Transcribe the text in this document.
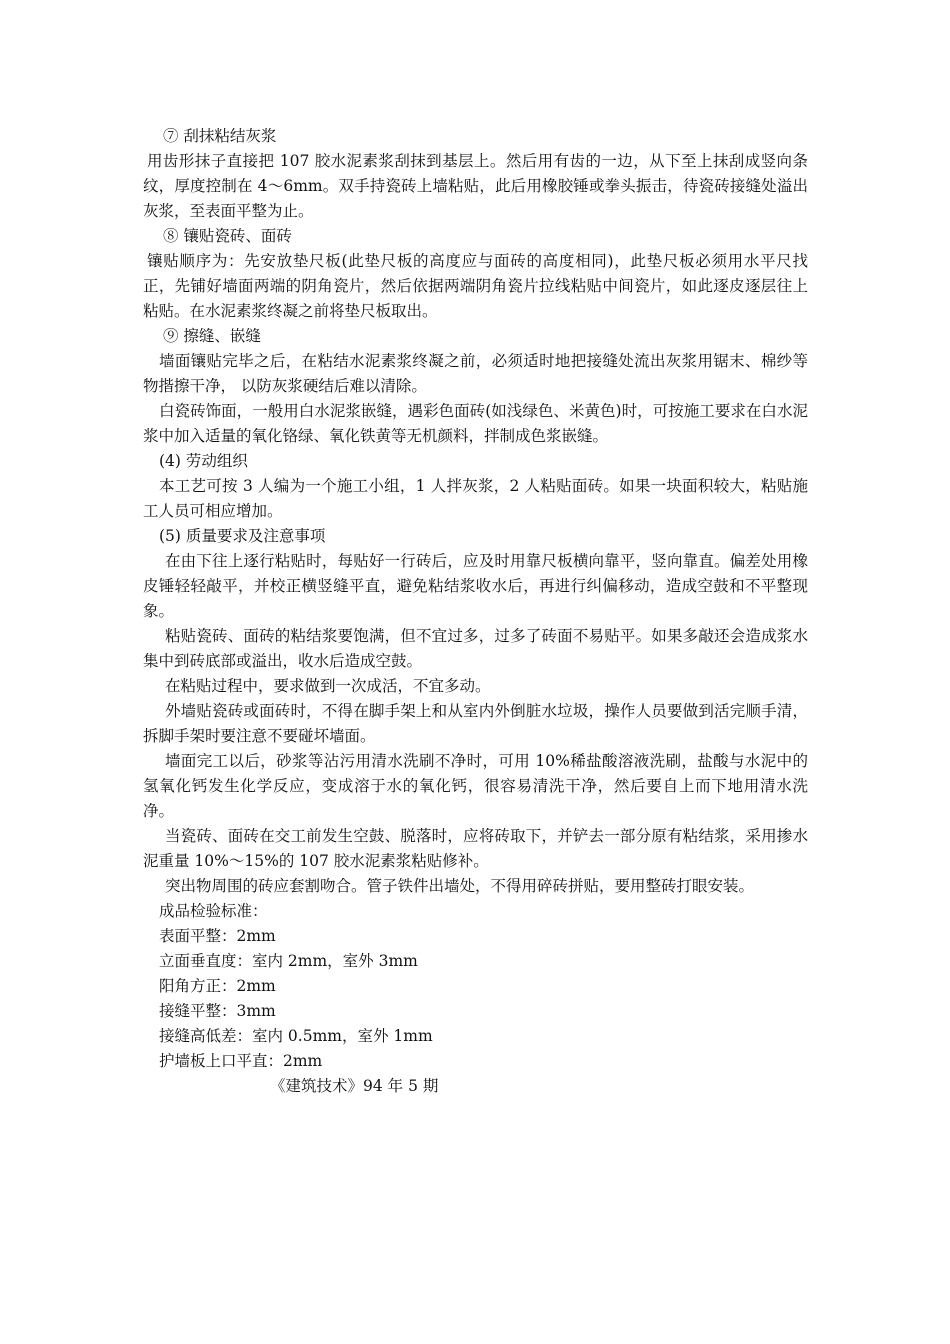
⑦ 刮抹粘结灰浆

用齿形抹子直接把 107 胶水泥素浆刮抹到基层上。然后用有齿的一边，从下至上抹刮成竖向条纹，厚度控制在 4～6mm。双手持瓷砖上墙粘贴，此后用橡胶锤或拳头振击，待瓷砖接缝处溢出灰浆，至表面平整为止。

⑧ 镶贴瓷砖、面砖

镶贴顺序为：先安放垫尺板(此垫尺板的高度应与面砖的高度相同)，此垫尺板必须用水平尺找正，先铺好墙面两端的阴角瓷片，然后依据两端阴角瓷片拉线粘贴中间瓷片，如此逐皮逐层往上粘贴。在水泥素浆终凝之前将垫尺板取出。

⑨ 擦缝、嵌缝

墙面镶贴完毕之后，在粘结水泥素浆终凝之前，必须适时地把接缝处流出灰浆用锯末、棉纱等物揩擦干净， 以防灰浆硬结后难以清除。

白瓷砖饰面，一般用白水泥浆嵌缝，遇彩色面砖(如浅绿色、米黄色)时，可按施工要求在白水泥浆中加入适量的氧化铬绿、氧化铁黄等无机颜料，拌制成色浆嵌缝。

(4) 劳动组织

本工艺可按 3 人编为一个施工小组，1 人拌灰浆，2 人粘贴面砖。如果一块面积较大，粘贴施工人员可相应增加。

(5) 质量要求及注意事项

在由下往上逐行粘贴时，每贴好一行砖后，应及时用靠尺板横向靠平，竖向靠直。偏差处用橡皮锤轻轻敲平，并校正横竖缝平直，避免粘结浆收水后，再进行纠偏移动，造成空鼓和不平整现象。

粘贴瓷砖、面砖的粘结浆要饱满，但不宜过多，过多了砖面不易贴平。如果多敲还会造成浆水集中到砖底部或溢出，收水后造成空鼓。

在粘贴过程中，要求做到一次成活，不宜多动。

外墙贴瓷砖或面砖时，不得在脚手架上和从室内外倒脏水垃圾，操作人员要做到活完顺手清，拆脚手架时要注意不要碰坏墙面。

墙面完工以后，砂浆等沾污用清水洗刷不净时，可用 10%稀盐酸溶液洗刷，盐酸与水泥中的氢氧化钙发生化学反应，变成溶于水的氧化钙，很容易清洗干净，然后要自上而下地用清水洗净。

当瓷砖、面砖在交工前发生空鼓、脱落时，应将砖取下，并铲去一部分原有粘结浆，采用掺水泥重量 10%～15%的 107 胶水泥素浆粘贴修补。

突出物周围的砖应套割吻合。管子铁件出墙处，不得用碎砖拼贴，要用整砖打眼安装。

成品检验标准：

表面平整：2mm

立面垂直度：室内 2mm，室外 3mm

阳角方正：2mm

接缝平整：3mm

接缝高低差：室内 0.5mm，室外 1mm

护墙板上口平直：2mm

《建筑技术》94 年 5 期
